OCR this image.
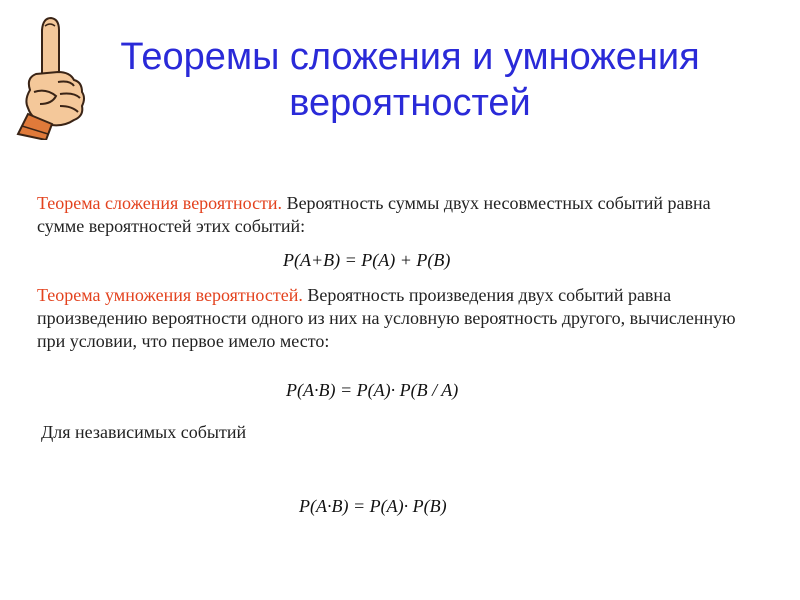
Теоремы сложения и умножения
вероятностей
Теорема сложения вероятности. Вероятность суммы двух несовместных событий равна сумме вероятностей этих событий:
P(A+B) = P(A) + P(B)
Теорема умножения вероятностей. Вероятность произведения двух событий равна произведению вероятности одного из них на условную вероятность другого, вычисленную при условии, что первое имело место:
P(A·B) = P(A)· P(B / A)
Для независимых событий
P(A·B) = P(A)· P(B)
